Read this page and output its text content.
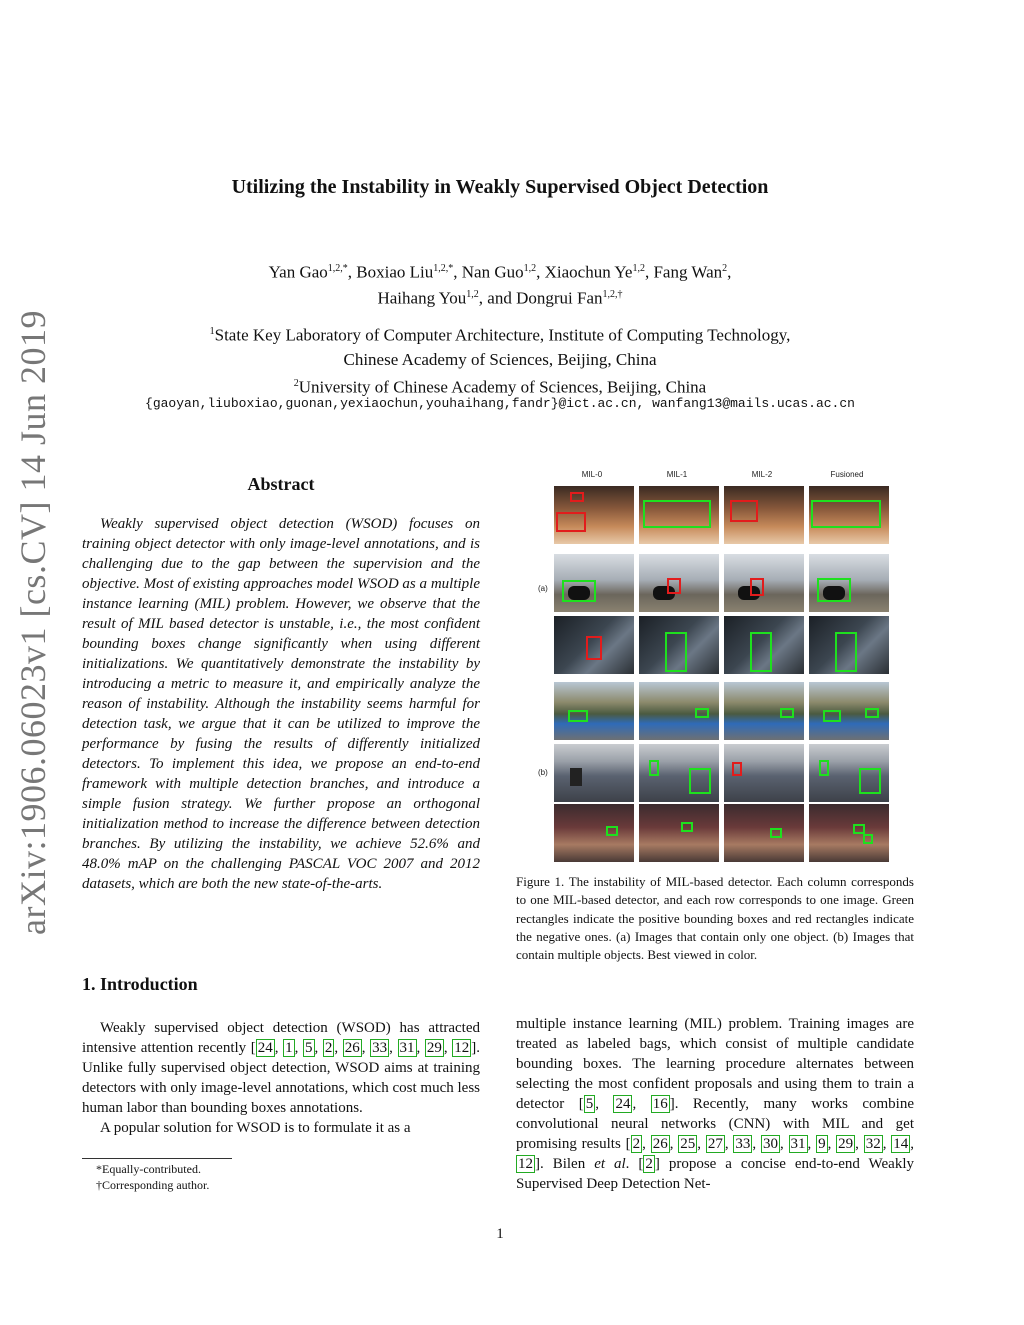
Utilizing the Instability in Weakly Supervised Object Detection
Yan Gao$^{1,2,*}$, Boxiao Liu$^{1,2,*}$, Nan Guo$^{1,2}$, Xiaochun Ye$^{1,2}$, Fang Wan$^2$,
Haihang You$^{1,2}$, and Dongrui Fan$^{1,2,\dagger}$
$^1$State Key Laboratory of Computer Architecture, Institute of Computing Technology,
Chinese Academy of Sciences, Beijing, China
$^2$University of Chinese Academy of Sciences, Beijing, China
{gaoyan,liuboxiao,guonan,yexiaochun,youhaihang,fandr}@ict.ac.cn, wanfang13@mails.ucas.ac.cn
arXiv:1906.06023v1 [cs.CV] 14 Jun 2019	Abstract
Weakly supervised object detection (WSOD) focuses on training object detector with only image-level annotations, and is challenging due to the gap between the supervision and the objective. Most of existing approaches model WSOD as a multiple instance learning (MIL) problem. However, we observe that the result of MIL based detector is unstable, i.e., the most confident bounding boxes change significantly when using different initializations. We quantitatively demonstrate the instability by introducing a metric to measure it, and empirically analyze the reason of instability. Although the instability seems harmful for detection task, we argue that it can be utilized to improve the performance by fusing the results of differently initialized detectors. To implement this idea, we propose an end-to-end framework with multiple detection branches, and introduce a simple fusion strategy. We further propose an orthogonal initialization method to increase the difference between detection branches. By utilizing the instability, we achieve 52.6% and 48.0% mAP on the challenging PASCAL VOC 2007 and 2012 datasets, which are both the new state-of-the-arts.
1. Introduction

Weakly supervised object detection (WSOD) has attracted intensive attention recently [ 24 , 1 , 5 , 2 , 26 , 33 , 31 , 29 , 12 ]. Unlike fully supervised object detection, WSOD aims at training detectors with only image-level annotations, which cost much less human labor than bounding boxes annotations.

A popular solution for WSOD is to formulate it as a

*Equally-contributed.
†Corresponding author.
MIL-0	MIL-1	MIL-2	Fusioned
(a)
(b)
Figure 1. The instability of MIL-based detector. Each column corresponds to one MIL-based detector, and each row corresponds to one image. Green rectangles indicate the positive bounding boxes and red rectangles indicate the negative ones. (a) Images that contain only one object. (b) Images that contain multiple objects. Best viewed in color.
multiple instance learning (MIL) problem. Training images are treated as labeled bags, which consist of multiple candidate bounding boxes. The learning procedure alternates between selecting the most confident proposals and using them to train a detector [ 5 , 24 , 16 ]. Recently, many works combine convolutional neural networks (CNN) with MIL and get promising results [ 2 , 26 , 25 , 27 , 33 , 30 , 31 , 9 , 29 , 32 , 14 , 12 ]. Bilen et al. [ 2 ] propose a concise end-to-end Weakly Supervised Deep Detection Net-
1
